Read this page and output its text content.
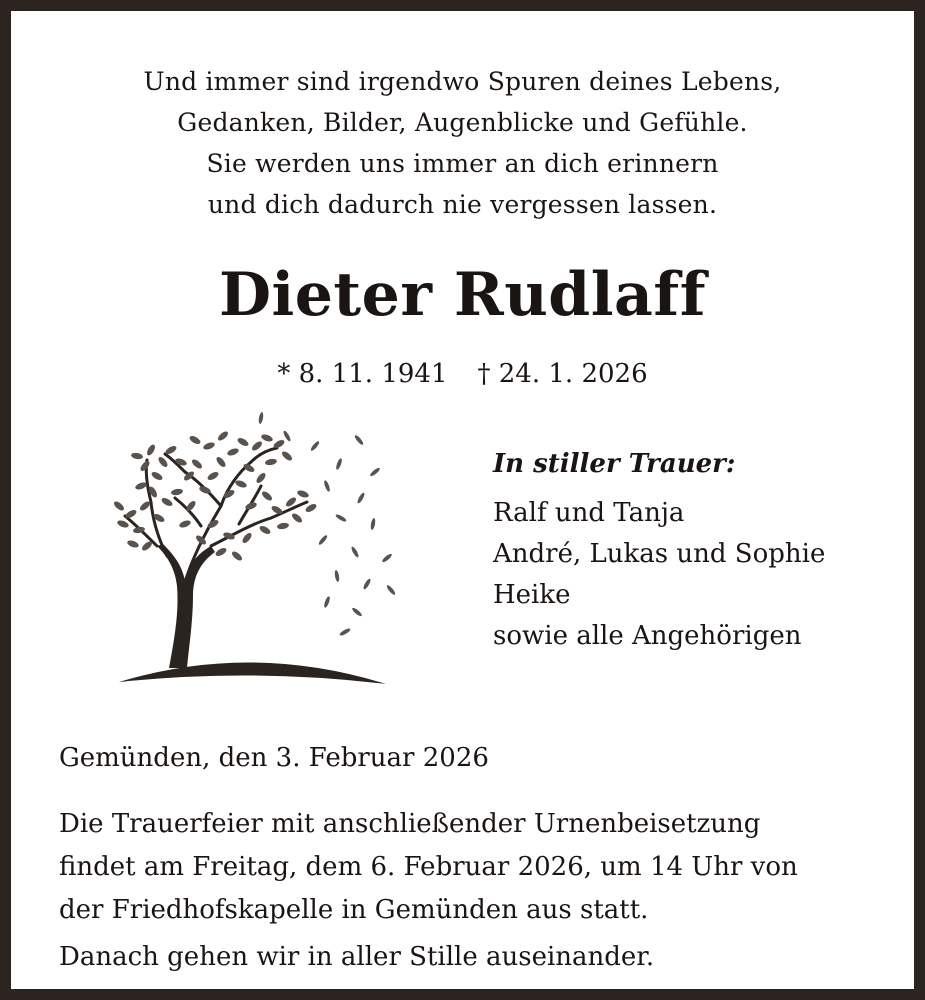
Und immer sind irgendwo Spuren deines Lebens,
Gedanken, Bilder, Augenblicke und Gefühle.
Sie werden uns immer an dich erinnern
und dich dadurch nie vergessen lassen.
Dieter Rudlaff
* 8. 11. 1941 † 24. 1. 2026
In stiller Trauer:
Ralf und Tanja
André, Lukas und Sophie
Heike
sowie alle Angehörigen
Gemünden, den 3. Februar 2026
Die Trauerfeier mit anschließender Urnenbeisetzung
findet am Freitag, dem 6. Februar 2026, um 14 Uhr von
der Friedhofskapelle in Gemünden aus statt.
Danach gehen wir in aller Stille auseinander.
